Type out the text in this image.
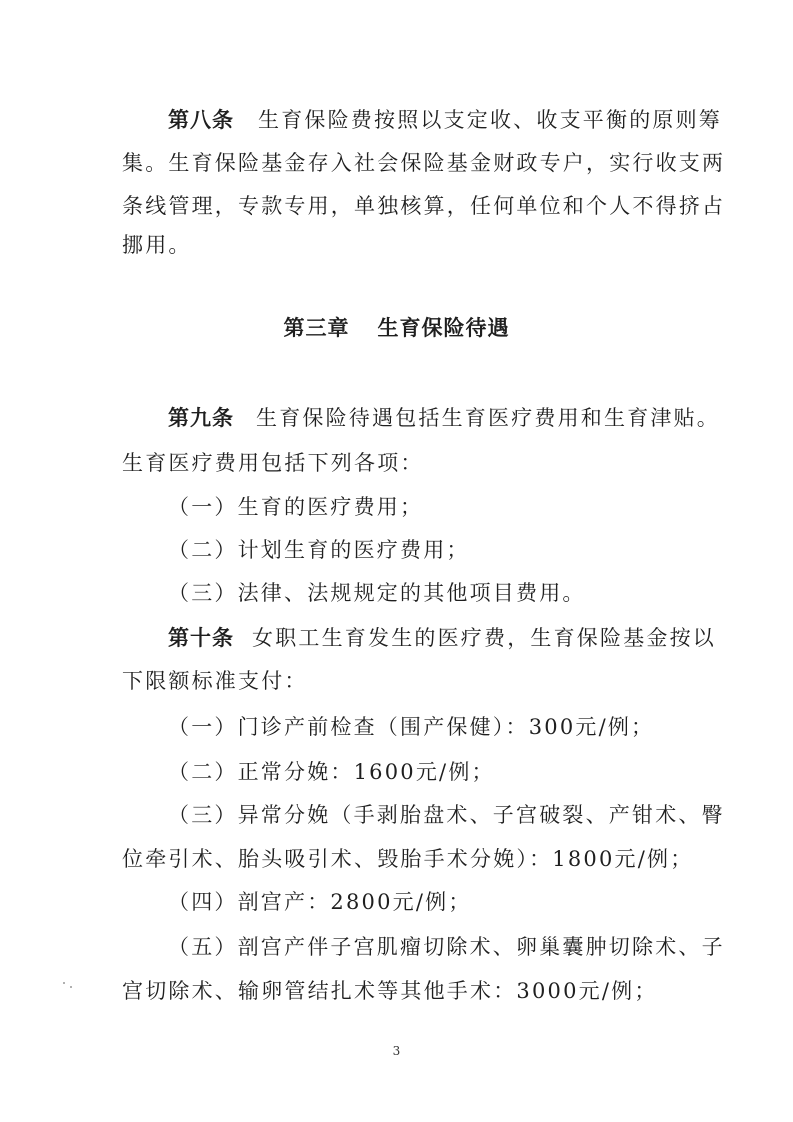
第八条 生育保险费按照以支定收、收支平衡的原则筹
集。生育保险基金存入社会保险基金财政专户，实行收支两
条线管理，专款专用，单独核算，任何单位和个人不得挤占
挪用。
第三章 生育保险待遇
第九条 生育保险待遇包括生育医疗费用和生育津贴。
生育医疗费用包括下列各项：
（一）生育的医疗费用；
（二）计划生育的医疗费用；
（三）法律、法规规定的其他项目费用。
第十条 女职工生育发生的医疗费，生育保险基金按以
下限额标准支付：
（一）门诊产前检查（围产保健）：300元/例；
（二）正常分娩：1600元/例；
（三）异常分娩（手剥胎盘术、子宫破裂、产钳术、臀
位牵引术、胎头吸引术、毁胎手术分娩）：1800元/例；
（四）剖宫产：2800元/例；
（五）剖宫产伴子宫肌瘤切除术、卵巢囊肿切除术、子
宫切除术、输卵管结扎术等其他手术：3000元/例；
3
